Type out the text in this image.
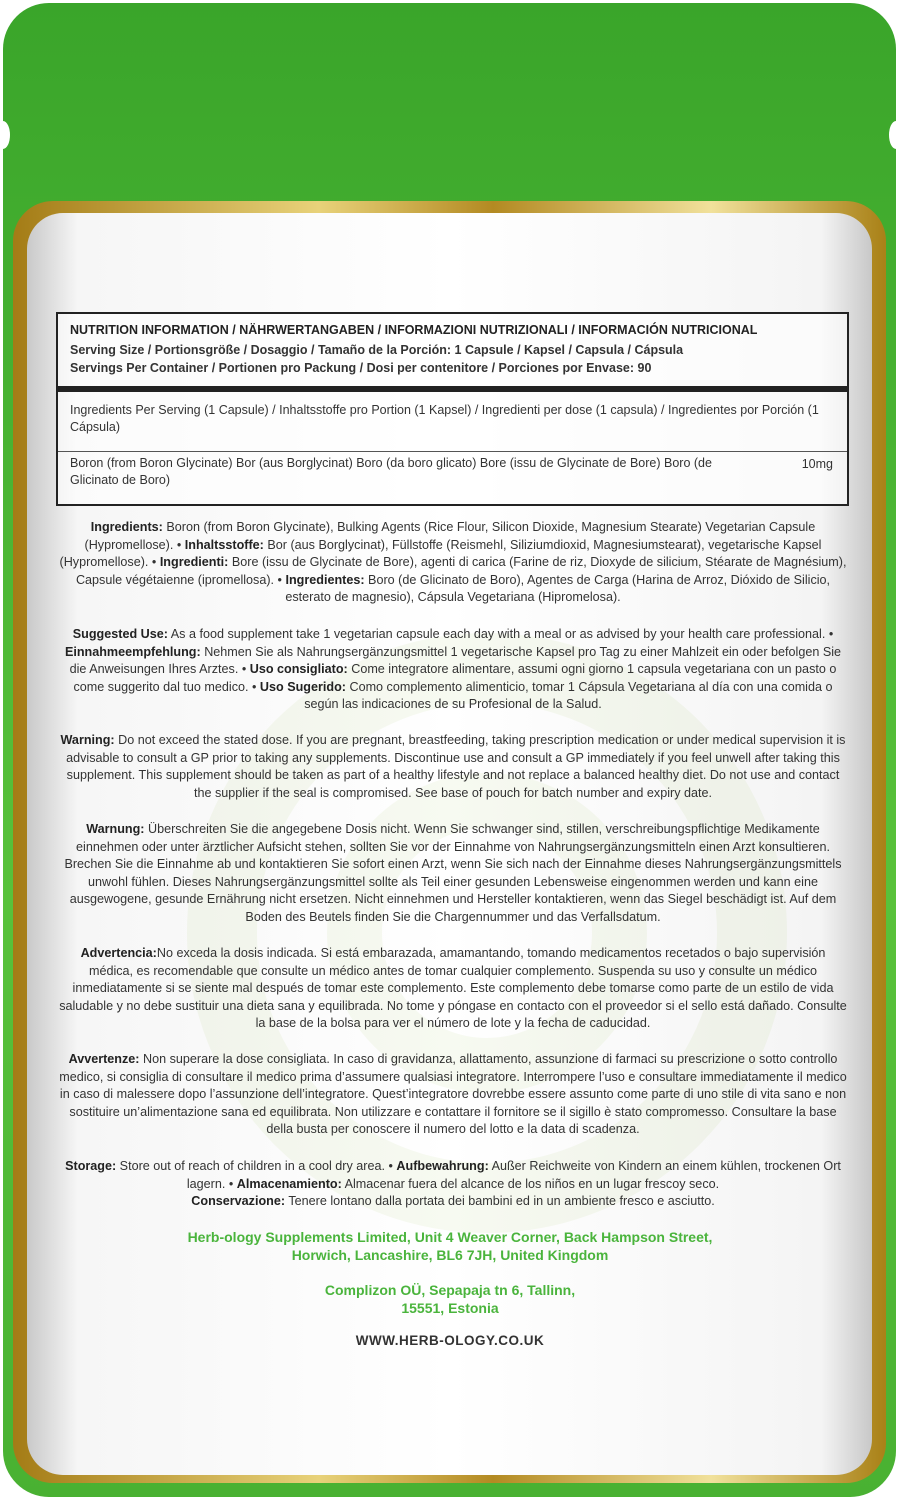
NUTRITION INFORMATION / NÄHRWERTANGABEN / INFORMAZIONI NUTRIZIONALI / INFORMACIÓN NUTRICIONAL
Serving Size / Portionsgröße / Dosaggio / Tamaño de la Porción: 1 Capsule / Kapsel / Capsula / Cápsula
Servings Per Container / Portionen pro Packung / Dosi per contenitore / Porciones por Envase: 90
Ingredients Per Serving (1 Capsule) / Inhaltsstoffe pro Portion (1 Kapsel) / Ingredienti per dose (1 capsula) / Ingredientes por Porción (1 Cápsula)
Boron (from Boron Glycinate) Bor (aus Borglycinat) Boro (da boro glicato) Bore (issu de Glycinate de Bore) Boro (de Glicinato de Boro)
10mg
Ingredients: Boron (from Boron Glycinate), Bulking Agents (Rice Flour, Silicon Dioxide, Magnesium Stearate) Vegetarian Capsule (Hypromellose). • Inhaltsstoffe: Bor (aus Borglycinat), Füllstoffe (Reismehl, Siliziumdioxid, Magnesiumstearat), vegetarische Kapsel (Hypromellose). • Ingredienti: Bore (issu de Glycinate de Bore), agenti di carica (Farine de riz, Dioxyde de silicium, Stéarate de Magnésium), Capsule végétaienne (ipromellosa). • Ingredientes: Boro (de Glicinato de Boro), Agentes de Carga (Harina de Arroz, Dióxido de Silicio, esterato de magnesio), Cápsula Vegetariana (Hipromelosa).
Suggested Use: As a food supplement take 1 vegetarian capsule each day with a meal or as advised by your health care professional. • Einnahmeempfehlung: Nehmen Sie als Nahrungsergänzungsmittel 1 vegetarische Kapsel pro Tag zu einer Mahlzeit ein oder befolgen Sie die Anweisungen Ihres Arztes. • Uso consigliato: Come integratore alimentare, assumi ogni giorno 1 capsula vegetariana con un pasto o come suggerito dal tuo medico. • Uso Sugerido: Como complemento alimenticio, tomar 1 Cápsula Vegetariana al día con una comida o según las indicaciones de su Profesional de la Salud.
Warning: Do not exceed the stated dose. If you are pregnant, breastfeeding, taking prescription medication or under medical supervision it is advisable to consult a GP prior to taking any supplements. Discontinue use and consult a GP immediately if you feel unwell after taking this supplement. This supplement should be taken as part of a healthy lifestyle and not replace a balanced healthy diet. Do not use and contact the supplier if the seal is compromised. See base of pouch for batch number and expiry date.
Warnung: Überschreiten Sie die angegebene Dosis nicht. Wenn Sie schwanger sind, stillen, verschreibungspflichtige Medikamente einnehmen oder unter ärztlicher Aufsicht stehen, sollten Sie vor der Einnahme von Nahrungsergänzungsmitteln einen Arzt konsultieren. Brechen Sie die Einnahme ab und kontaktieren Sie sofort einen Arzt, wenn Sie sich nach der Einnahme dieses Nahrungsergänzungsmittels unwohl fühlen. Dieses Nahrungsergänzungsmittel sollte als Teil einer gesunden Lebensweise eingenommen werden und kann eine ausgewogene, gesunde Ernährung nicht ersetzen. Nicht einnehmen und Hersteller kontaktieren, wenn das Siegel beschädigt ist. Auf dem Boden des Beutels finden Sie die Chargennummer und das Verfallsdatum.
Advertencia:No exceda la dosis indicada. Si está embarazada, amamantando, tomando medicamentos recetados o bajo supervisión médica, es recomendable que consulte un médico antes de tomar cualquier complemento. Suspenda su uso y consulte un médico inmediatamente si se siente mal después de tomar este complemento. Este complemento debe tomarse como parte de un estilo de vida saludable y no debe sustituir una dieta sana y equilibrada. No tome y póngase en contacto con el proveedor si el sello está dañado. Consulte la base de la bolsa para ver el número de lote y la fecha de caducidad.
Avvertenze: Non superare la dose consigliata. In caso di gravidanza, allattamento, assunzione di farmaci su prescrizione o sotto controllo medico, si consiglia di consultare il medico prima d’assumere qualsiasi integratore. Interrompere l’uso e consultare immediatamente il medico in caso di malessere dopo l’assunzione dell’integratore. Quest’integratore dovrebbe essere assunto come parte di uno stile di vita sano e non sostituire un’alimentazione sana ed equilibrata. Non utilizzare e contattare il fornitore se il sigillo è stato compromesso. Consultare la base della busta per conoscere il numero del lotto e la data di scadenza.
Storage: Store out of reach of children in a cool dry area. • Aufbewahrung: Außer Reichweite von Kindern an einem kühlen, trockenen Ort lagern. • Almacenamiento: Almacenar fuera del alcance de los niños en un lugar frescoy seco.
Conservazione: Tenere lontano dalla portata dei bambini ed in un ambiente fresco e asciutto.
Herb-ology Supplements Limited, Unit 4 Weaver Corner, Back Hampson Street,
Horwich, Lancashire, BL6 7JH, United Kingdom
Complizon OÜ, Sepapaja tn 6, Tallinn,
15551, Estonia
WWW.HERB-OLOGY.CO.UK
